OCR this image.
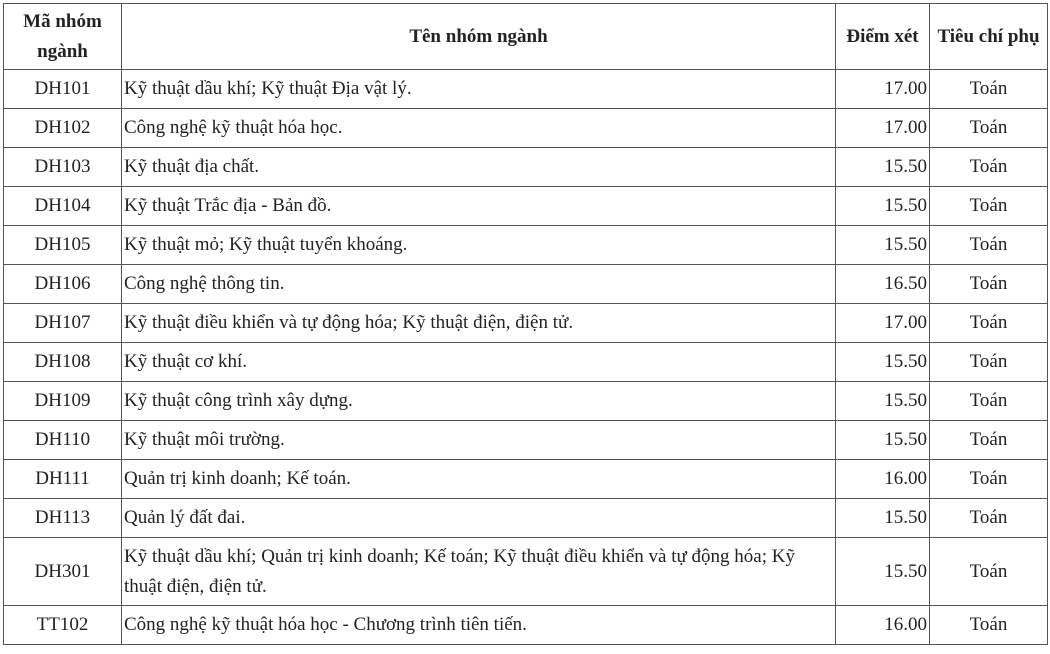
Mã nhóm ngành	Tên nhóm ngành	Điểm xét	Tiêu chí phụ
DH101	Kỹ thuật dầu khí; Kỹ thuật Địa vật lý.	17.00	Toán
DH102	Công nghệ kỹ thuật hóa học.	17.00	Toán
DH103	Kỹ thuật địa chất.	15.50	Toán
DH104	Kỹ thuật Trắc địa - Bản đồ.	15.50	Toán
DH105	Kỹ thuật mỏ; Kỹ thuật tuyển khoáng.	15.50	Toán
DH106	Công nghệ thông tin.	16.50	Toán
DH107	Kỹ thuật điều khiển và tự động hóa; Kỹ thuật điện, điện tử.	17.00	Toán
DH108	Kỹ thuật cơ khí.	15.50	Toán
DH109	Kỹ thuật công trình xây dựng.	15.50	Toán
DH110	Kỹ thuật môi trường.	15.50	Toán
DH111	Quản trị kinh doanh; Kế toán.	16.00	Toán
DH113	Quản lý đất đai.	15.50	Toán
DH301	Kỹ thuật dầu khí; Quản trị kinh doanh; Kế toán; Kỹ thuật điều khiển và tự động hóa; Kỹ thuật điện, điện tử.	15.50	Toán
TT102	Công nghệ kỹ thuật hóa học - Chương trình tiên tiến.	16.00	Toán
